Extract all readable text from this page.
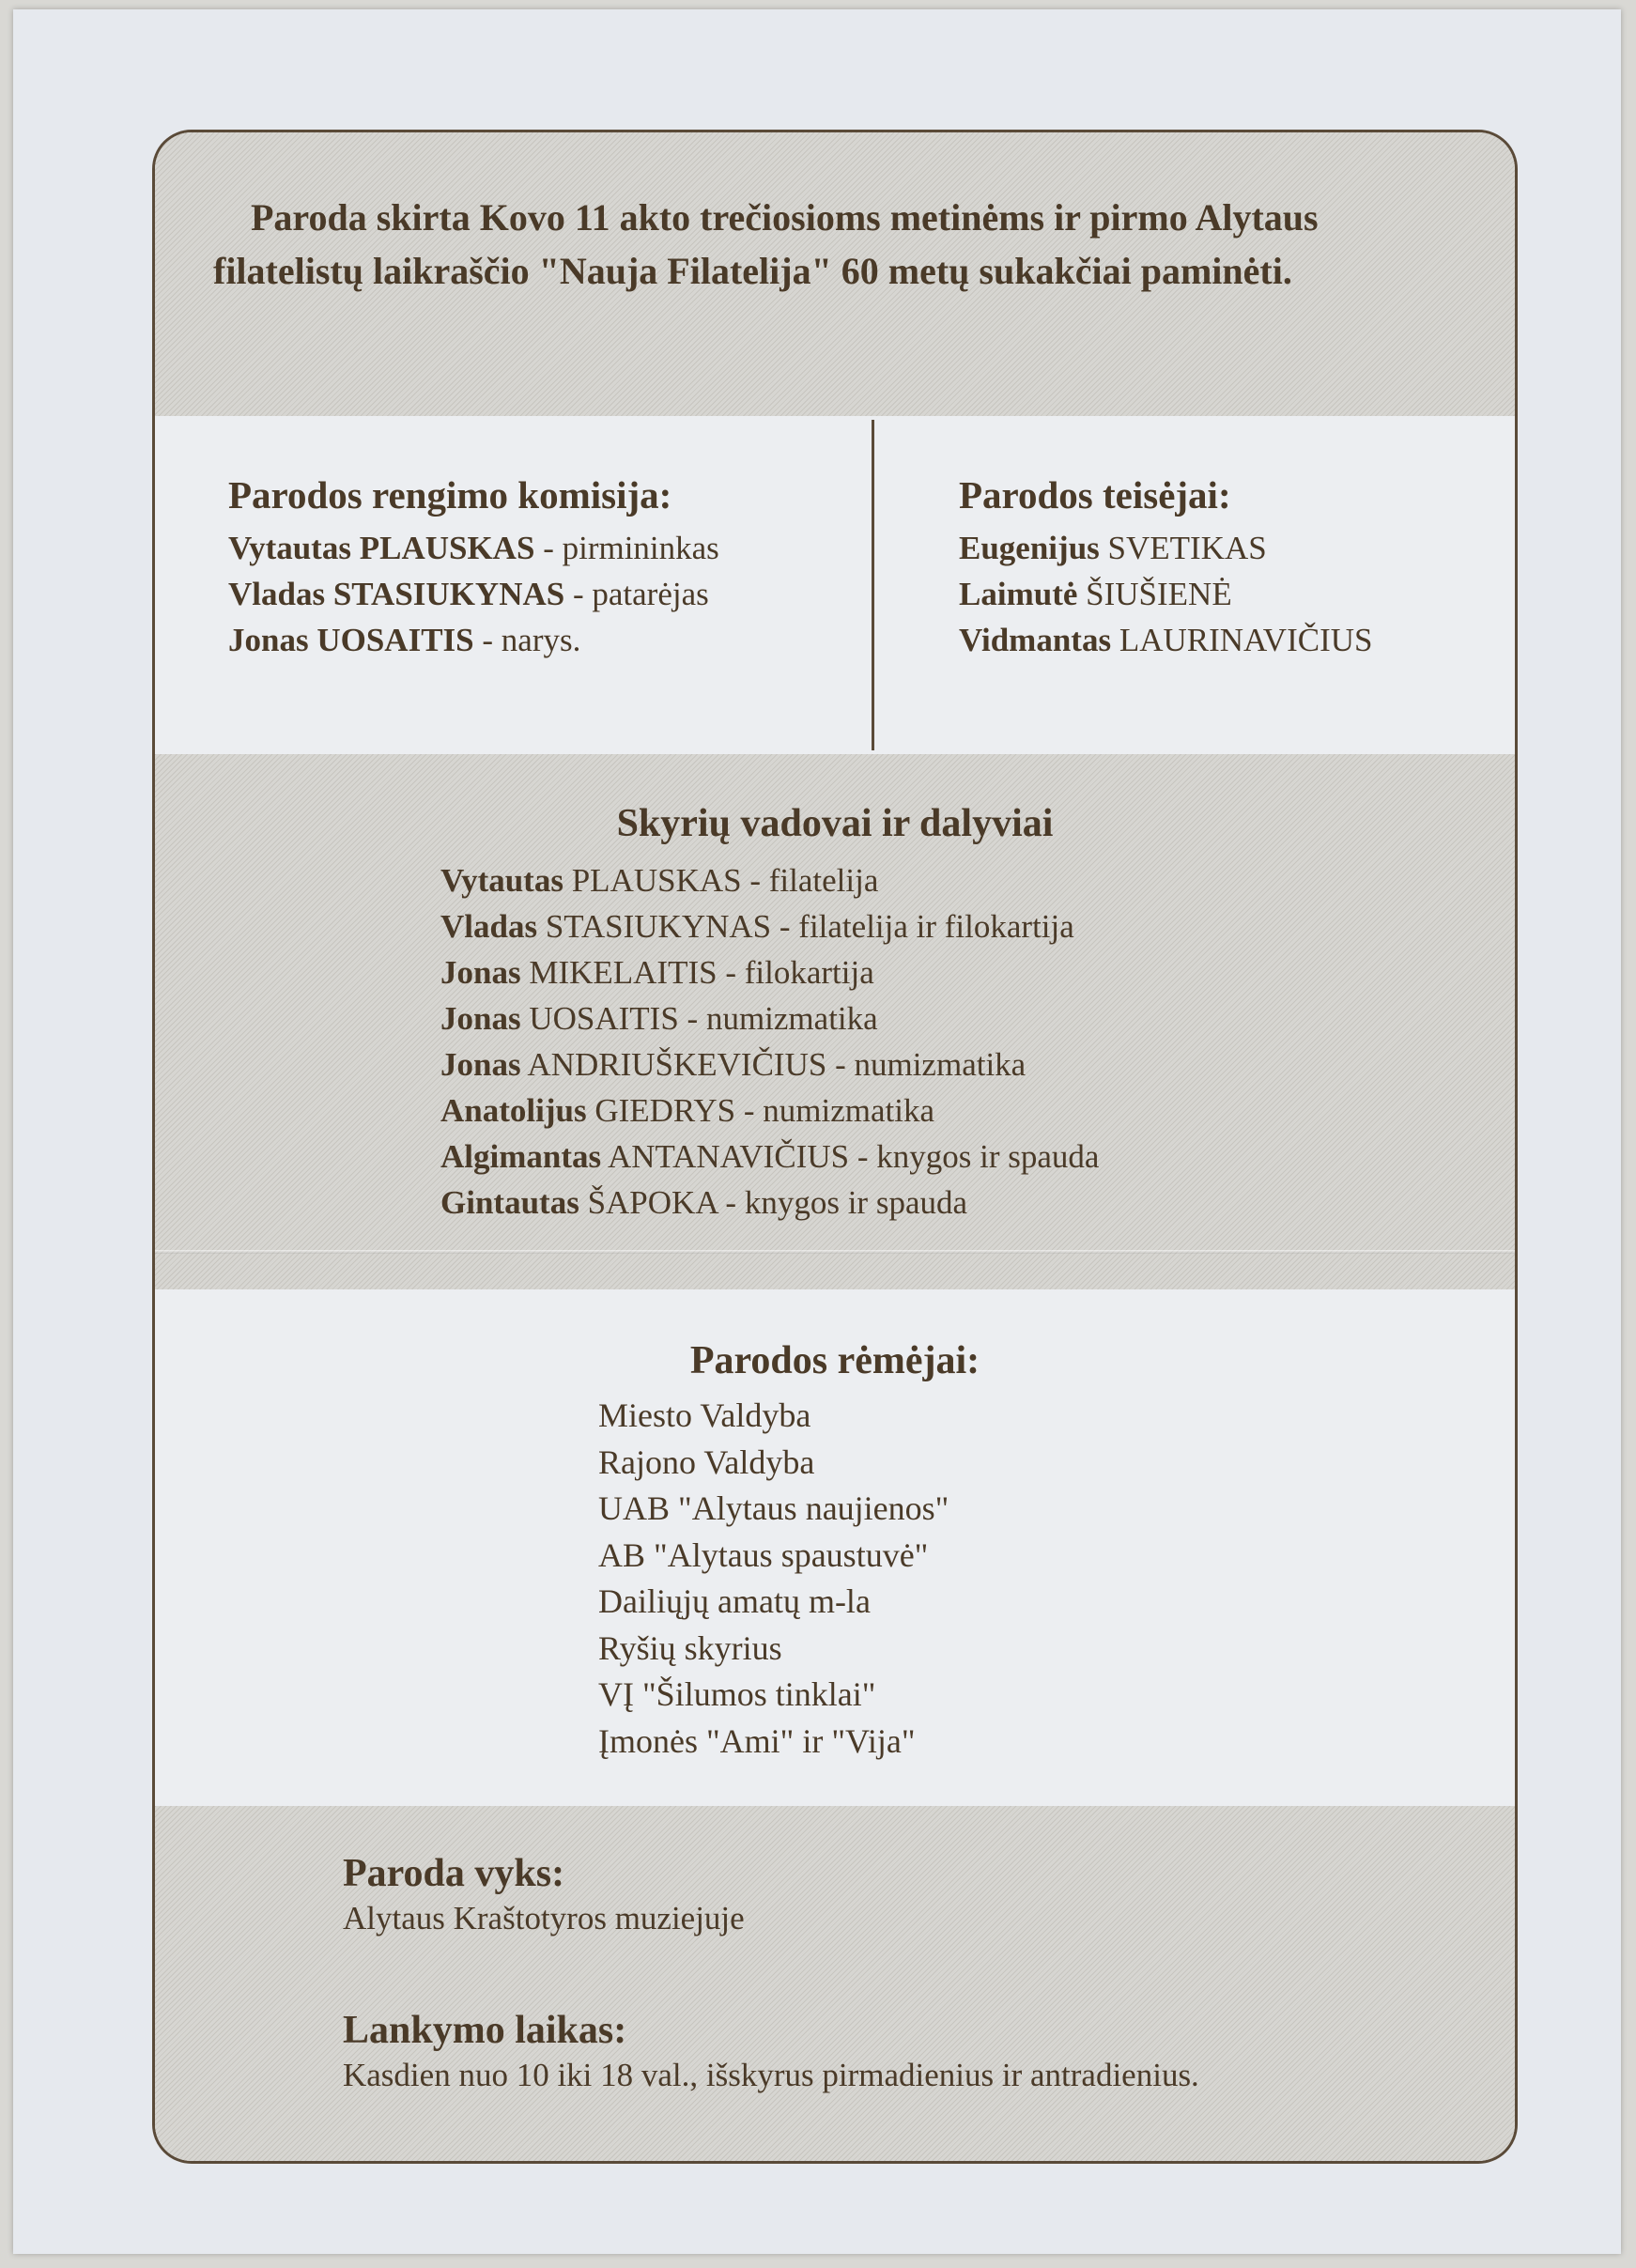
Paroda skirta Kovo 11 akto trečiosioms metinėms ir pirmo Alytaus filatelistų laikraščio "Nauja Filatelija" 60 metų sukakčiai paminėti.
Parodos rengimo komisija:
Vytautas PLAUSKAS - pirmininkas
Vladas STASIUKYNAS - patarėjas
Jonas UOSAITIS - narys.
Parodos teisėjai:
Eugenijus SVETIKAS
Laimutė ŠIUŠIENĖ
Vidmantas LAURINAVIČIUS
Skyrių vadovai ir dalyviai
Vytautas PLAUSKAS - filatelija
Vladas STASIUKYNAS - filatelija ir filokartija
Jonas MIKELAITIS - filokartija
Jonas UOSAITIS - numizmatika
Jonas ANDRIUŠKEVIČIUS - numizmatika
Anatolijus GIEDRYS - numizmatika
Algimantas ANTANAVIČIUS - knygos ir spauda
Gintautas ŠAPOKA - knygos ir spauda
Parodos rėmėjai:
Miesto Valdyba
Rajono Valdyba
UAB "Alytaus naujienos"
AB "Alytaus spaustuvė"
Dailiųjų amatų m-la
Ryšių skyrius
VĮ "Šilumos tinklai"
Įmonės "Ami" ir "Vija"
Paroda vyks:
Alytaus Kraštotyros muziejuje
Lankymo laikas:
Kasdien nuo 10 iki 18 val., išskyrus pirmadienius ir antradienius.
